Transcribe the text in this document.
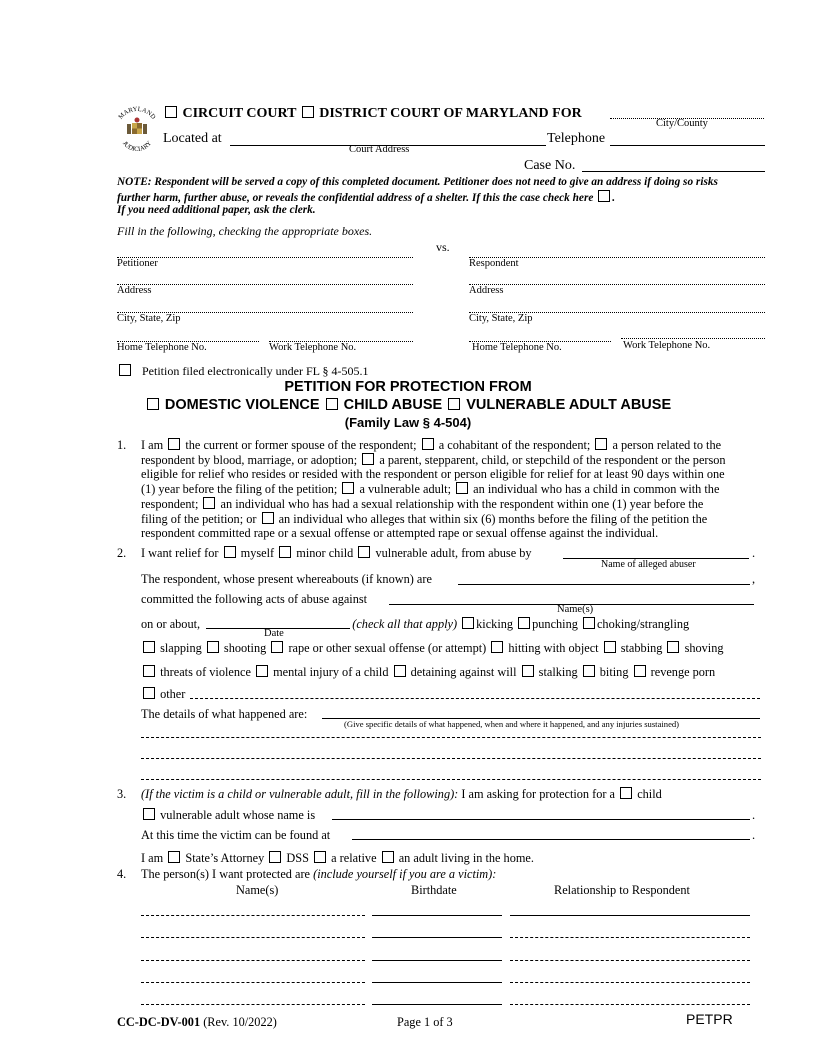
MARYLAND
JUDICIARY
CIRCUIT COURT DISTRICT COURT OF MARYLAND FOR
City/County
Located at
Court Address
Telephone
Case No.
NOTE: Respondent will be served a copy of this completed document. Petitioner does not need to give an address if doing so risks
further harm, further abuse, or reveals the confidential address of a shelter. If this the case check here .
If you need additional paper, ask the clerk.
Fill in the following, checking the appropriate boxes.
vs.
Petitioner	Respondent
Address	Address
City, State, Zip	City, State, Zip
Home Telephone No.	Work Telephone No.	Home Telephone No.	Work Telephone No.
Petition filed electronically under FL § 4-505.1
PETITION FOR PROTECTION FROM
DOMESTIC VIOLENCE CHILD ABUSE VULNERABLE ADULT ABUSE
(Family Law § 4-504)
1. I am the current or former spouse of the respondent; a cohabitant of the respondent; a person related to the
respondent by blood, marriage, or adoption; a parent, stepparent, child, or stepchild of the respondent or the person
eligible for relief who resides or resided with the respondent or person eligible for relief for at least 90 days within one
(1) year before the filing of the petition; a vulnerable adult; an individual who has a child in common with the
respondent; an individual who has had a sexual relationship with the respondent within one (1) year before the
filing of the petition; or an individual who alleges that within six (6) months before the filing of the petition the
respondent committed rape or a sexual offense or attempted rape or sexual offense against the individual.
2. I want relief for myself minor child vulnerable adult, from abuse by	.
Name of alleged abuser
The respondent, whose present whereabouts (if known) are	,
committed the following acts of abuse against
Name(s)
on or about,	(check all that apply) kicking punching choking/strangling
Date
slapping shooting rape or other sexual offense (or attempt) hitting with object stabbing shoving
threats of violence mental injury of a child detaining against will stalking biting revenge porn
other
The details of what happened are:
(Give specific details of what happened, when and where it happened, and any injuries sustained)
3. (If the victim is a child or vulnerable adult, fill in the following): I am asking for protection for a child
vulnerable adult whose name is	.
At this time the victim can be found at	.
I am State’s Attorney DSS a relative an adult living in the home.
4. The person(s) I want protected are (include yourself if you are a victim):
Name(s)	Birthdate	Relationship to Respondent
CC-DC-DV-001 (Rev. 10/2022)	Page 1 of 3	PETPR
